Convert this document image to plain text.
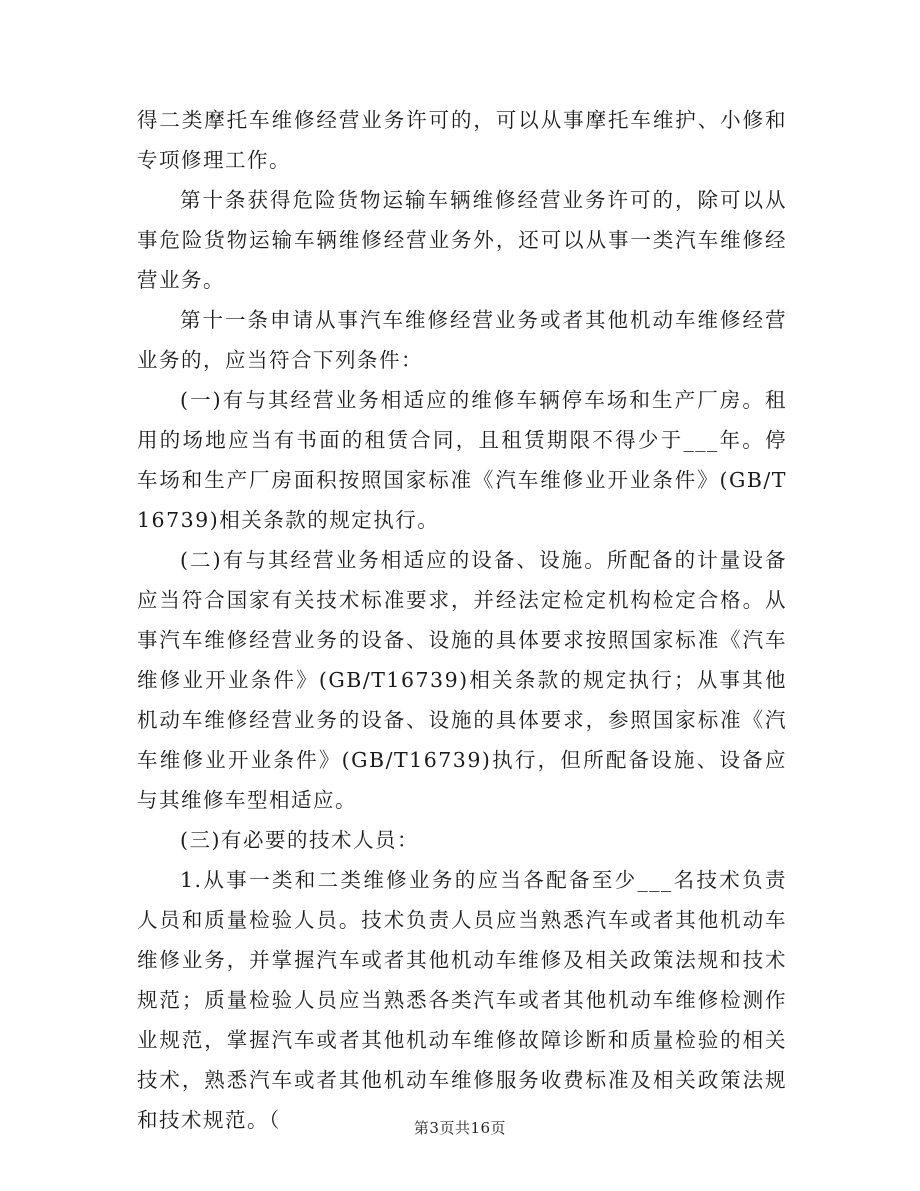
得二类摩托车维修经营业务许可的，可以从事摩托车维护、小修和专项修理工作。

第十条获得危险货物运输车辆维修经营业务许可的，除可以从事危险货物运输车辆维修经营业务外，还可以从事一类汽车维修经营业务。

第十一条申请从事汽车维修经营业务或者其他机动车维修经营业务的，应当符合下列条件：

(一)有与其经营业务相适应的维修车辆停车场和生产厂房。租用的场地应当有书面的租赁合同，且租赁期限不得少于___年。停车场和生产厂房面积按照国家标准《汽车维修业开业条件》(GB/T16739)相关条款的规定执行。

(二)有与其经营业务相适应的设备、设施。所配备的计量设备应当符合国家有关技术标准要求，并经法定检定机构检定合格。从事汽车维修经营业务的设备、设施的具体要求按照国家标准《汽车维修业开业条件》(GB/T16739)相关条款的规定执行；从事其他机动车维修经营业务的设备、设施的具体要求，参照国家标准《汽车维修业开业条件》(GB/T16739)执行，但所配备设施、设备应与其维修车型相适应。

(三)有必要的技术人员：

1.从事一类和二类维修业务的应当各配备至少___名技术负责人员和质量检验人员。技术负责人员应当熟悉汽车或者其他机动车维修业务，并掌握汽车或者其他机动车维修及相关政策法规和技术规范；质量检验人员应当熟悉各类汽车或者其他机动车维修检测作业规范，掌握汽车或者其他机动车维修故障诊断和质量检验的相关技术，熟悉汽车或者其他机动车维修服务收费标准及相关政策法规和技术规范。（	第3页共16页
